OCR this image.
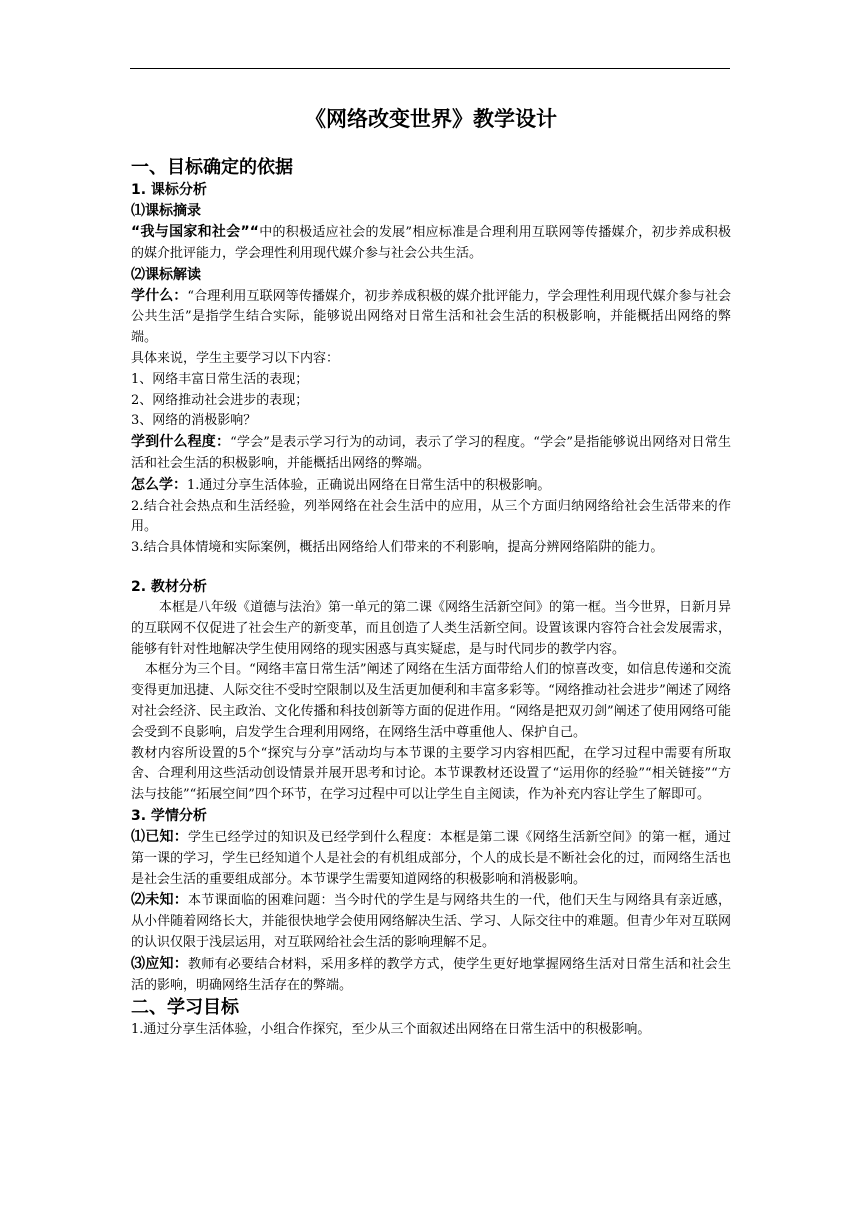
《网络改变世界》教学设计
一、目标确定的依据
1. 课标分析
⑴课标摘录

“我与国家和社会”“中的积极适应社会的发展”相应标准是合理利用互联网等传播媒介，初步养成积极的媒介批评能力，学会理性利用现代媒介参与社会公共生活。

⑵课标解读

学什么：“合理利用互联网等传播媒介，初步养成积极的媒介批评能力，学会理性利用现代媒介参与社会公共生活”是指学生结合实际，能够说出网络对日常生活和社会生活的积极影响，并能概括出网络的弊端。

具体来说，学生主要学习以下内容：

1、网络丰富日常生活的表现；

2、网络推动社会进步的表现；

3、网络的消极影响？

学到什么程度：“学会”是表示学习行为的动词，表示了学习的程度。“学会”是指能够说出网络对日常生活和社会生活的积极影响，并能概括出网络的弊端。

怎么学：1.通过分享生活体验，正确说出网络在日常生活中的积极影响。

2.结合社会热点和生活经验，列举网络在社会生活中的应用，从三个方面归纳网络给社会生活带来的作用。

3.结合具体情境和实际案例，概括出网络给人们带来的不利影响，提高分辨网络陷阱的能力。

2. 教材分析

本框是八年级《道德与法治》第一单元的第二课《网络生活新空间》的第一框。当今世界，日新月异的互联网不仅促进了社会生产的新变革，而且创造了人类生活新空间。设置该课内容符合社会发展需求，能够有针对性地解决学生使用网络的现实困惑与真实疑虑，是与时代同步的教学内容。

本框分为三个目。“网络丰富日常生活”阐述了网络在生活方面带给人们的惊喜改变，如信息传递和交流变得更加迅捷、人际交往不受时空限制以及生活更加便利和丰富多彩等。“网络推动社会进步”阐述了网络对社会经济、民主政治、文化传播和科技创新等方面的促进作用。“网络是把双刃剑”阐述了使用网络可能会受到不良影响，启发学生合理利用网络，在网络生活中尊重他人、保护自己。

教材内容所设置的5个“探究与分享”活动均与本节课的主要学习内容相匹配，在学习过程中需要有所取舍、合理利用这些活动创设情景并展开思考和讨论。本节课教材还设置了“运用你的经验”“相关链接”“方法与技能”“拓展空间”四个环节，在学习过程中可以让学生自主阅读，作为补充内容让学生了解即可。

3. 学情分析

⑴已知：学生已经学过的知识及已经学到什么程度：本框是第二课《网络生活新空间》的第一框，通过第一课的学习，学生已经知道个人是社会的有机组成部分，个人的成长是不断社会化的过，而网络生活也是社会生活的重要组成部分。本节课学生需要知道网络的积极影响和消极影响。

⑵未知：本节课面临的困难问题：当今时代的学生是与网络共生的一代，他们天生与网络具有亲近感，从小伴随着网络长大，并能很快地学会使用网络解决生活、学习、人际交往中的难题。但青少年对互联网的认识仅限于浅层运用，对互联网给社会生活的影响理解不足。

⑶应知：教师有必要结合材料，采用多样的教学方式，使学生更好地掌握网络生活对日常生活和社会生活的影响，明确网络生活存在的弊端。

二、学习目标

1.通过分享生活体验，小组合作探究，至少从三个面叙述出网络在日常生活中的积极影响。
